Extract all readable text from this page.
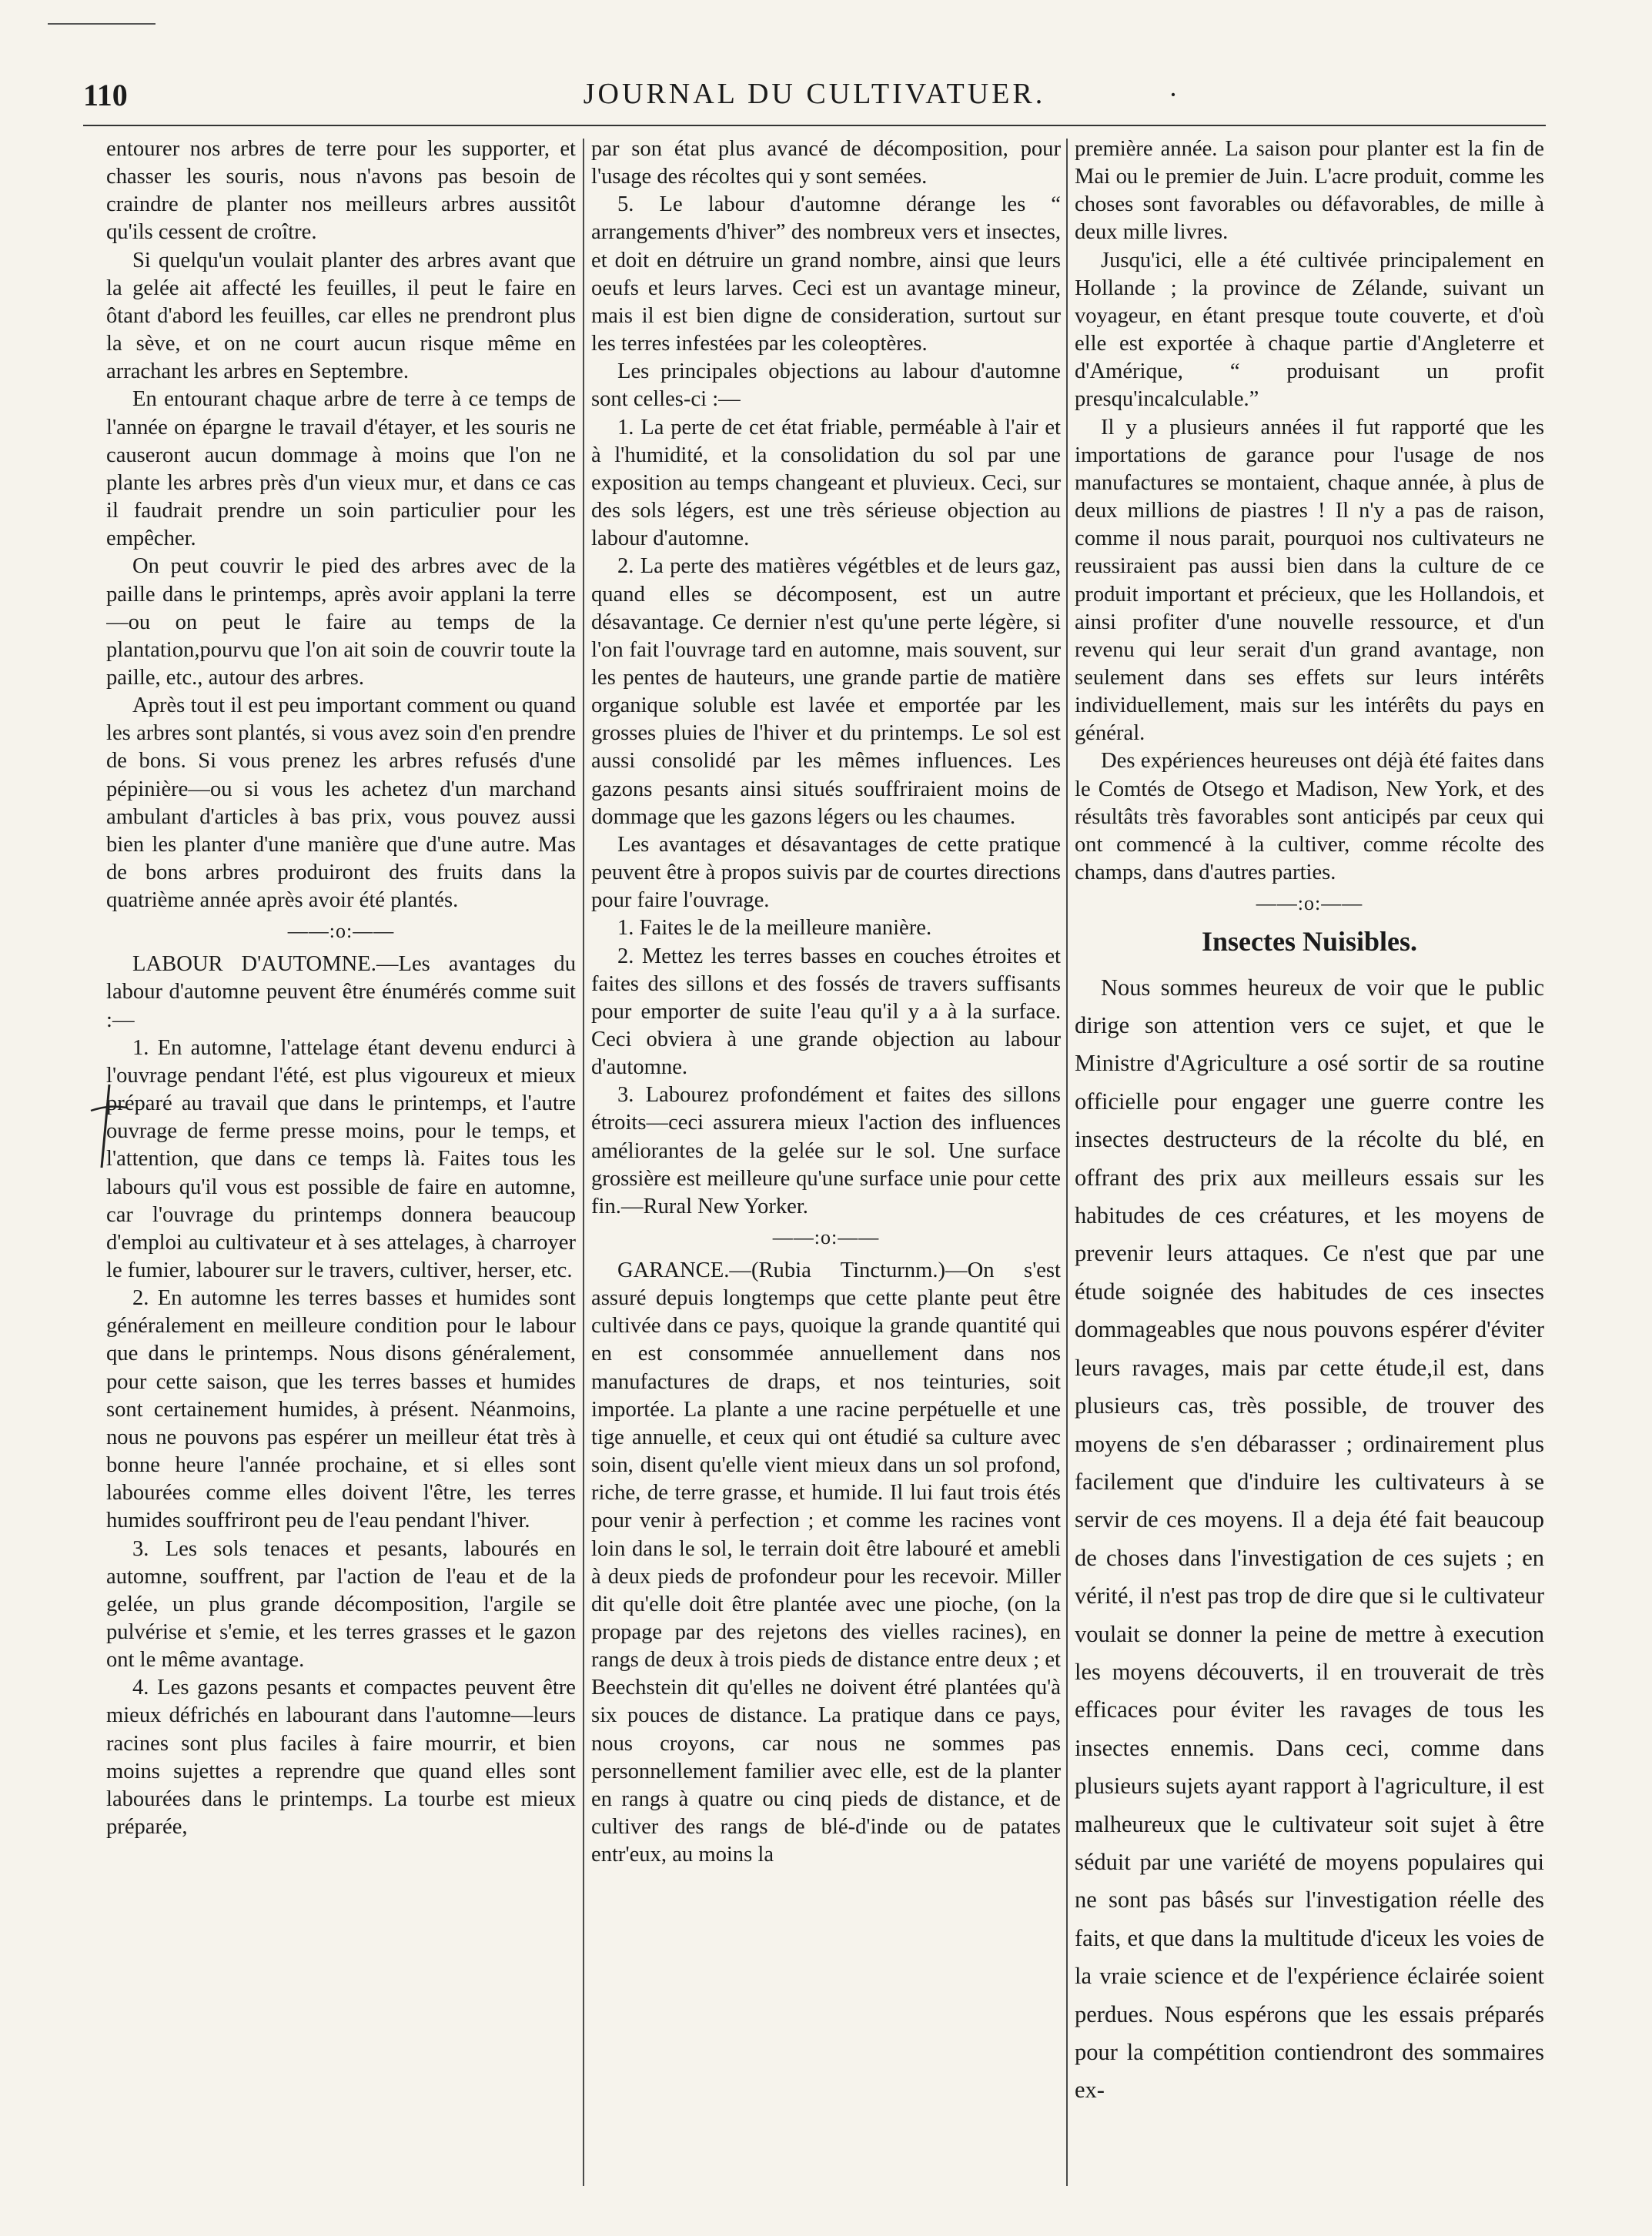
110	JOURNAL DU CULTIVATUER.	·

entourer nos arbres de terre pour les supporter, et chasser les souris, nous n'avons pas besoin de craindre de planter nos meilleurs arbres aussitôt qu'ils cessent de croître.

Si quelqu'un voulait planter des arbres avant que la gelée ait affecté les feuilles, il peut le faire en ôtant d'abord les feuilles, car elles ne prendront plus la sève, et on ne court aucun risque même en arrachant les arbres en Septembre.

En entourant chaque arbre de terre à ce temps de l'année on épargne le travail d'étayer, et les souris ne causeront aucun dommage à moins que l'on ne plante les arbres près d'un vieux mur, et dans ce cas il faudrait prendre un soin particulier pour les empêcher.

On peut couvrir le pied des arbres avec de la paille dans le printemps, après avoir applani la terre—ou on peut le faire au temps de la plantation,pourvu que l'on ait soin de couvrir toute la paille, etc., autour des arbres.

Après tout il est peu important comment ou quand les arbres sont plantés, si vous avez soin d'en prendre de bons. Si vous prenez les arbres refusés d'une pépinière—ou si vous les achetez d'un marchand ambulant d'articles à bas prix, vous pouvez aussi bien les planter d'une manière que d'une autre. Mas de bons arbres produiront des fruits dans la quatrième année après avoir été plantés.

——:o:——

LABOUR D'AUTOMNE.—Les avantages du labour d'automne peuvent être énumérés comme suit :—

1. En automne, l'attelage étant devenu endurci à l'ouvrage pendant l'été, est plus vigoureux et mieux préparé au travail que dans le printemps, et l'autre ouvrage de ferme presse moins, pour le temps, et l'attention, que dans ce temps là. Faites tous les labours qu'il vous est possible de faire en automne, car l'ouvrage du printemps donnera beaucoup d'emploi au cultivateur et à ses attelages, à charroyer le fumier, labourer sur le travers, cultiver, herser, etc.

2. En automne les terres basses et humides sont généralement en meilleure condition pour le labour que dans le printemps. Nous disons généralement, pour cette saison, que les terres basses et humides sont certainement humides, à présent. Néanmoins, nous ne pouvons pas espérer un meilleur état très à bonne heure l'année prochaine, et si elles sont labourées comme elles doivent l'être, les terres humides souffriront peu de l'eau pendant l'hiver.

3. Les sols tenaces et pesants, labourés en automne, souffrent, par l'action de l'eau et de la gelée, un plus grande décomposition, l'argile se pulvérise et s'emie, et les terres grasses et le gazon ont le même avantage.

4. Les gazons pesants et compactes peuvent être mieux défrichés en labourant dans l'automne—leurs racines sont plus faciles à faire mourrir, et bien moins sujettes a reprendre que quand elles sont labourées dans le printemps. La tourbe est mieux préparée,

par son état plus avancé de décomposition, pour l'usage des récoltes qui y sont semées.

5. Le labour d'automne dérange les “ arrangements d'hiver” des nombreux vers et insectes, et doit en détruire un grand nombre, ainsi que leurs oeufs et leurs larves. Ceci est un avantage mineur, mais il est bien digne de consideration, surtout sur les terres infestées par les coleoptères.

Les principales objections au labour d'automne sont celles-ci :—

1. La perte de cet état friable, perméable à l'air et à l'humidité, et la consolidation du sol par une exposition au temps changeant et pluvieux. Ceci, sur des sols légers, est une très sérieuse objection au labour d'automne.

2. La perte des matières végétbles et de leurs gaz, quand elles se décomposent, est un autre désavantage. Ce dernier n'est qu'une perte légère, si l'on fait l'ouvrage tard en automne, mais souvent, sur les pentes de hauteurs, une grande partie de matière organique soluble est lavée et emportée par les grosses pluies de l'hiver et du printemps. Le sol est aussi consolidé par les mêmes influences. Les gazons pesants ainsi situés souffriraient moins de dommage que les gazons légers ou les chaumes.

Les avantages et désavantages de cette pratique peuvent être à propos suivis par de courtes directions pour faire l'ouvrage.

1. Faites le de la meilleure manière.

2. Mettez les terres basses en couches étroites et faites des sillons et des fossés de travers suffisants pour emporter de suite l'eau qu'il y a à la surface. Ceci obviera à une grande objection au labour d'automne.

3. Labourez profondément et faites des sillons étroits—ceci assurera mieux l'action des influences améliorantes de la gelée sur le sol. Une surface grossière est meilleure qu'une surface unie pour cette fin.—Rural New Yorker.

——:o:——

GARANCE.—(Rubia Tincturnm.)—On s'est assuré depuis longtemps que cette plante peut être cultivée dans ce pays, quoique la grande quantité qui en est consommée annuellement dans nos manufactures de draps, et nos teinturies, soit importée. La plante a une racine perpétuelle et une tige annuelle, et ceux qui ont étudié sa culture avec soin, disent qu'elle vient mieux dans un sol profond, riche, de terre grasse, et humide. Il lui faut trois étés pour venir à perfection ; et comme les racines vont loin dans le sol, le terrain doit être labouré et amebli à deux pieds de profondeur pour les recevoir. Miller dit qu'elle doit être plantée avec une pioche, (on la propage par des rejetons des vielles racines), en rangs de deux à trois pieds de distance entre deux ; et Beechstein dit qu'elles ne doivent étré plantées qu'à six pouces de distance. La pratique dans ce pays, nous croyons, car nous ne sommes pas personnellement familier avec elle, est de la planter en rangs à quatre ou cinq pieds de distance, et de cultiver des rangs de blé-d'inde ou de patates entr'eux, au moins la

première année. La saison pour planter est la fin de Mai ou le premier de Juin. L'acre produit, comme les choses sont favorables ou défavorables, de mille à deux mille livres.

Jusqu'ici, elle a été cultivée principalement en Hollande ; la province de Zélande, suivant un voyageur, en étant presque toute couverte, et d'où elle est exportée à chaque partie d'Angleterre et d'Amérique, “ produisant un profit presqu'incalculable.”

Il y a plusieurs années il fut rapporté que les importations de garance pour l'usage de nos manufactures se montaient, chaque année, à plus de deux millions de piastres ! Il n'y a pas de raison, comme il nous parait, pourquoi nos cultivateurs ne reussiraient pas aussi bien dans la culture de ce produit important et précieux, que les Hollandois, et ainsi profiter d'une nouvelle ressource, et d'un revenu qui leur serait d'un grand avantage, non seulement dans ses effets sur leurs intérêts individuellement, mais sur les intérêts du pays en général.

Des expériences heureuses ont déjà été faites dans le Comtés de Otsego et Madison, New York, et des résultâts très favorables sont anticipés par ceux qui ont commencé à la cultiver, comme récolte des champs, dans d'autres parties.

——:o:——
Insectes Nuisibles.

Nous sommes heureux de voir que le public dirige son attention vers ce sujet, et que le Ministre d'Agriculture a osé sortir de sa routine officielle pour engager une guerre contre les insectes destructeurs de la récolte du blé, en offrant des prix aux meilleurs essais sur les habitudes de ces créatures, et les moyens de prevenir leurs attaques. Ce n'est que par une étude soignée des habitudes de ces insectes dommageables que nous pouvons espérer d'éviter leurs ravages, mais par cette étude,il est, dans plusieurs cas, très possible, de trouver des moyens de s'en débarasser ; ordinairement plus facilement que d'induire les cultivateurs à se servir de ces moyens. Il a deja été fait beaucoup de choses dans l'investigation de ces sujets ; en vérité, il n'est pas trop de dire que si le cultivateur voulait se donner la peine de mettre à execution les moyens découverts, il en trouverait de très efficaces pour éviter les ravages de tous les insectes ennemis. Dans ceci, comme dans plusieurs sujets ayant rapport à l'agriculture, il est malheureux que le cultivateur soit sujet à être séduit par une variété de moyens populaires qui ne sont pas bâsés sur l'investigation réelle des faits, et que dans la multitude d'iceux les voies de la vraie science et de l'expérience éclairée soient perdues. Nous espérons que les essais préparés pour la compétition contiendront des sommaires ex-
